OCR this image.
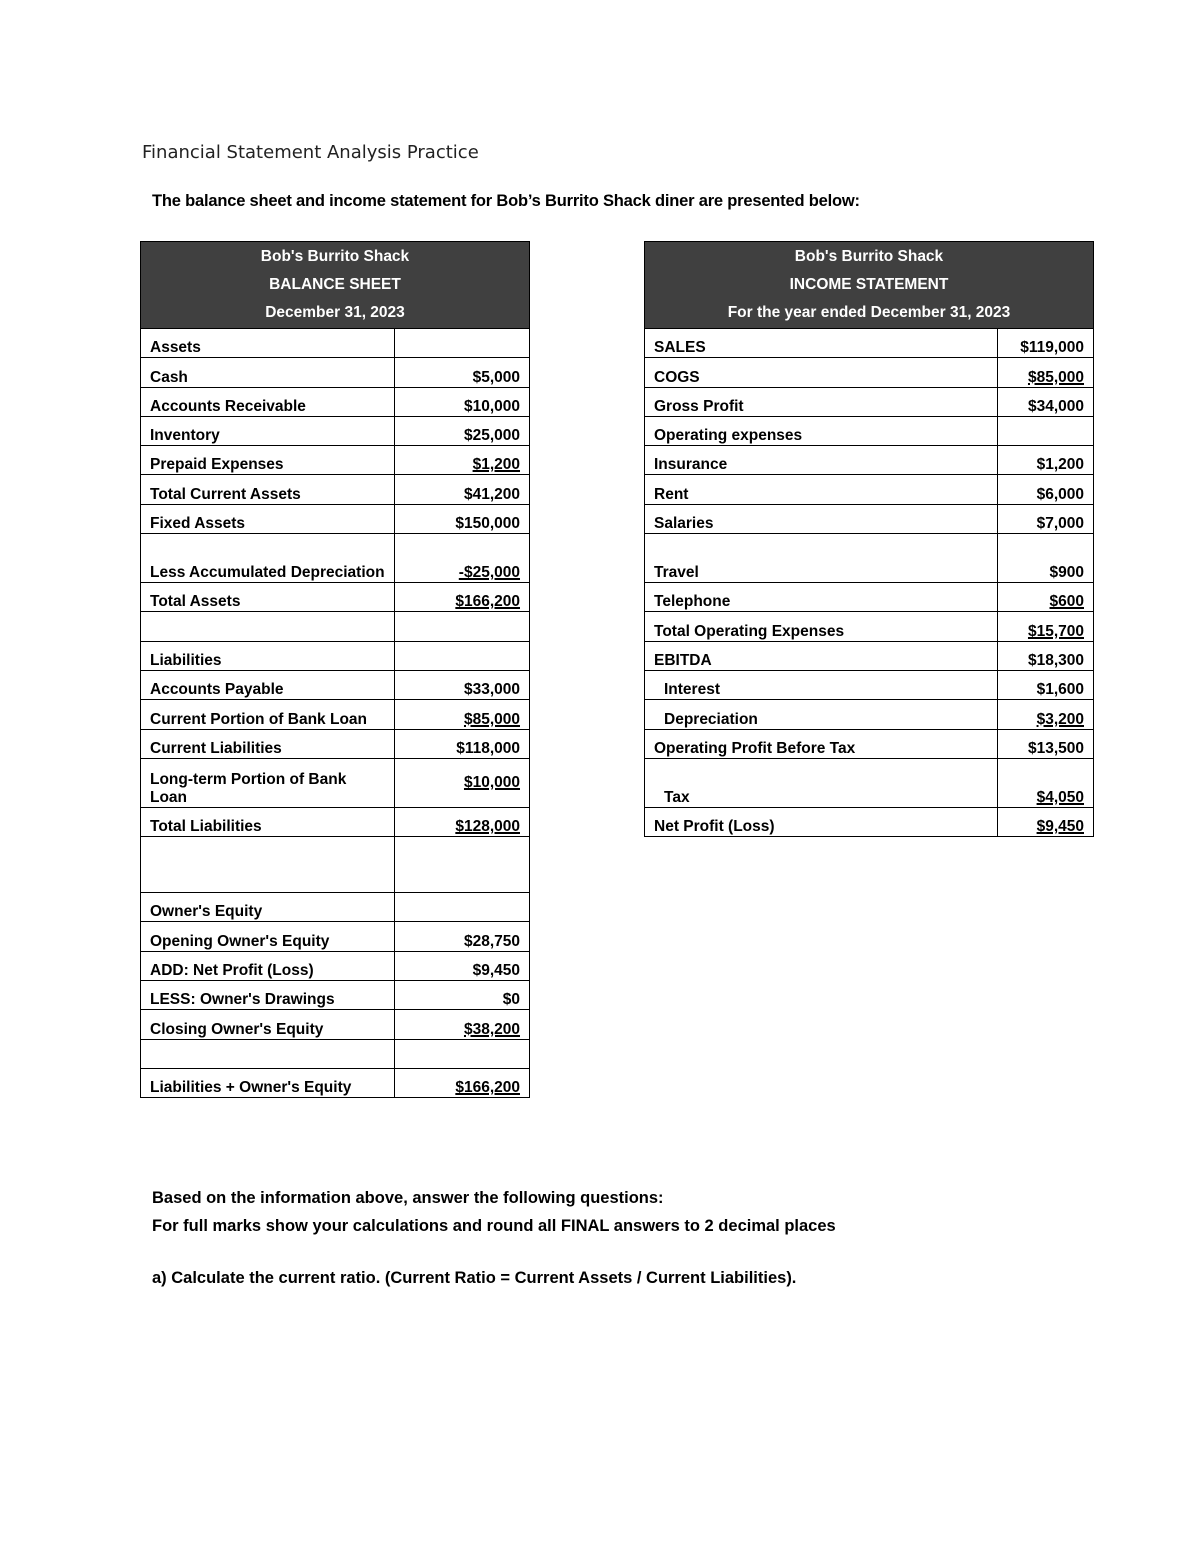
Financial Statement Analysis Practice
The balance sheet and income statement for Bob’s Burrito Shack diner are presented below:
Bob's Burrito Shack
BALANCE SHEET
December 31, 2023	

Assets	
Cash	$5,000
Accounts Receivable	$10,000
Inventory	$25,000
Prepaid Expenses	$1,200
Total Current Assets	$41,200
Fixed Assets	$150,000
Less Accumulated Depreciation	-$25,000
Total Assets	$166,200

Liabilities	
Accounts Payable	$33,000
Current Portion of Bank Loan	$85,000
Current Liabilities	$118,000
Long-term Portion of Bank Loan	$10,000
Total Liabilities	$128,000

Owner's Equity	
Opening Owner's Equity	$28,750
ADD: Net Profit (Loss)	$9,450
LESS: Owner's Drawings	$0
Closing Owner's Equity	$38,200

Liabilities + Owner's Equity	$166,200
Bob's Burrito Shack
INCOME STATEMENT
For the year ended December 31, 2023	

SALES	$119,000
COGS	$85,000
Gross Profit	$34,000
Operating expenses	
Insurance	$1,200
Rent	$6,000
Salaries	$7,000
Travel	$900
Telephone	$600
Total Operating Expenses	$15,700
EBITDA	$18,300
Interest	$1,600
Depreciation	$3,200
Operating Profit Before Tax	$13,500
Tax	$4,050
Net Profit (Loss)	$9,450
Based on the information above, answer the following questions:
For full marks show your calculations and round all FINAL answers to 2 decimal places
a) Calculate the current ratio. (Current Ratio = Current Assets / Current Liabilities).
